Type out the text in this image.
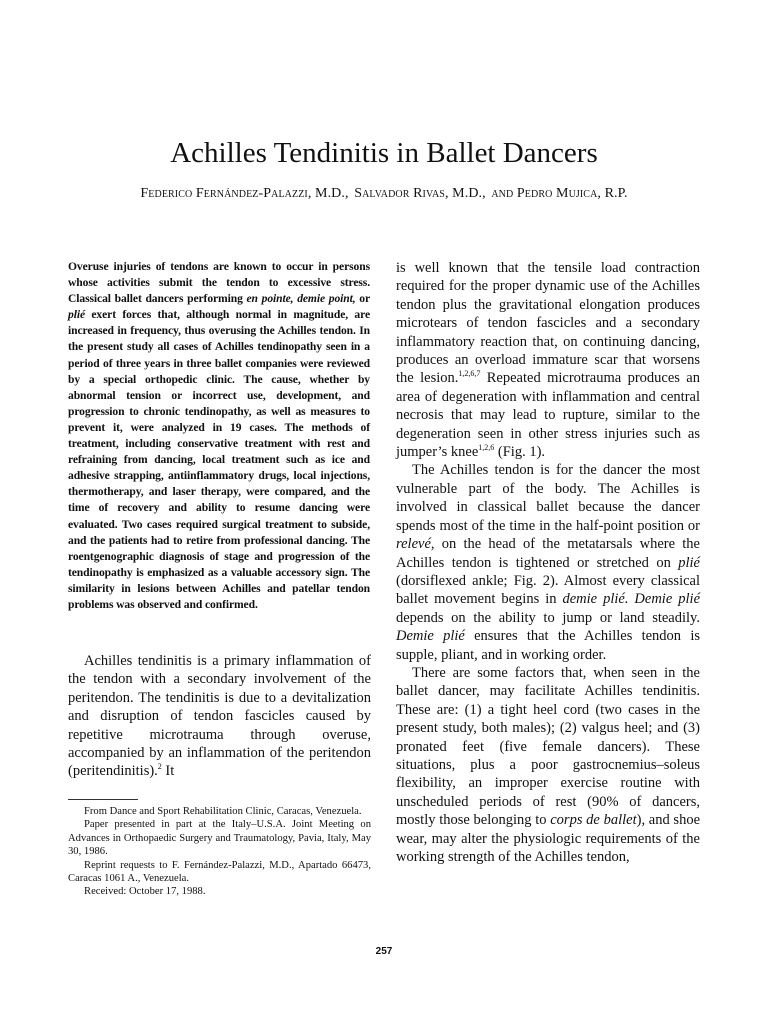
Achilles Tendinitis in Ballet Dancers
Federico Fernández-Palazzi, M.D., Salvador Rivas, M.D., and Pedro Mujica, R.P.

Overuse injuries of tendons are known to occur in persons whose activities submit the tendon to excessive stress. Classical ballet dancers performing en pointe, demie point, or plié exert forces that, although normal in magnitude, are increased in frequency, thus overusing the Achilles tendon. In the present study all cases of Achilles tendinopathy seen in a period of three years in three ballet companies were reviewed by a special orthopedic clinic. The cause, whether by abnormal tension or incorrect use, development, and progression to chronic tendinopathy, as well as measures to prevent it, were analyzed in 19 cases. The methods of treatment, including conservative treatment with rest and refraining from dancing, local treatment such as ice and adhesive strapping, antiinflammatory drugs, local injections, thermotherapy, and laser therapy, were compared, and the time of recovery and ability to resume dancing were evaluated. Two cases required surgical treatment to subside, and the patients had to retire from professional dancing. The roentgenographic diagnosis of stage and progression of the tendinopathy is emphasized as a valuable accessory sign. The similarity in lesions between Achilles and patellar tendon problems was observed and confirmed.

Achilles tendinitis is a primary inflammation of the tendon with a secondary involvement of the peritendon. The tendinitis is due to a devitalization and disruption of tendon fascicles caused by repetitive microtrauma through overuse, accompanied by an inflammation of the peritendon (peritendinitis).$^2$ It

From Dance and Sport Rehabilitation Clinic, Caracas, Venezuela.

Paper presented in part at the Italy–U.S.A. Joint Meeting on Advances in Orthopaedic Surgery and Traumatology, Pavia, Italy, May 30, 1986.

Reprint requests to F. Fernández-Palazzi, M.D., Apartado 66473, Caracas 1061 A., Venezuela.

Received: October 17, 1988.

is well known that the tensile load contraction required for the proper dynamic use of the Achilles tendon plus the gravitational elongation produces microtears of tendon fascicles and a secondary inflammatory reaction that, on continuing dancing, produces an overload immature scar that worsens the lesion.$^{1,2,6,7}$ Repeated microtrauma produces an area of degeneration with inflammation and central necrosis that may lead to rupture, similar to the degeneration seen in other stress injuries such as jumper’s knee$^{1,2,6}$ (Fig. 1).

The Achilles tendon is for the dancer the most vulnerable part of the body. The Achilles is involved in classical ballet because the dancer spends most of the time in the half-point position or relevé, on the head of the metatarsals where the Achilles tendon is tightened or stretched on plié (dorsiflexed ankle; Fig. 2). Almost every classical ballet movement begins in demie plié. Demie plié depends on the ability to jump or land steadily. Demie plié ensures that the Achilles tendon is supple, pliant, and in working order.

There are some factors that, when seen in the ballet dancer, may facilitate Achilles tendinitis. These are: (1) a tight heel cord (two cases in the present study, both males); (2) valgus heel; and (3) pronated feet (five female dancers). These situations, plus a poor gastrocnemius–soleus flexibility, an improper exercise routine with unscheduled periods of rest (90% of dancers, mostly those belonging to corps de ballet), and shoe wear, may alter the physiologic requirements of the working strength of the Achilles tendon,

257
